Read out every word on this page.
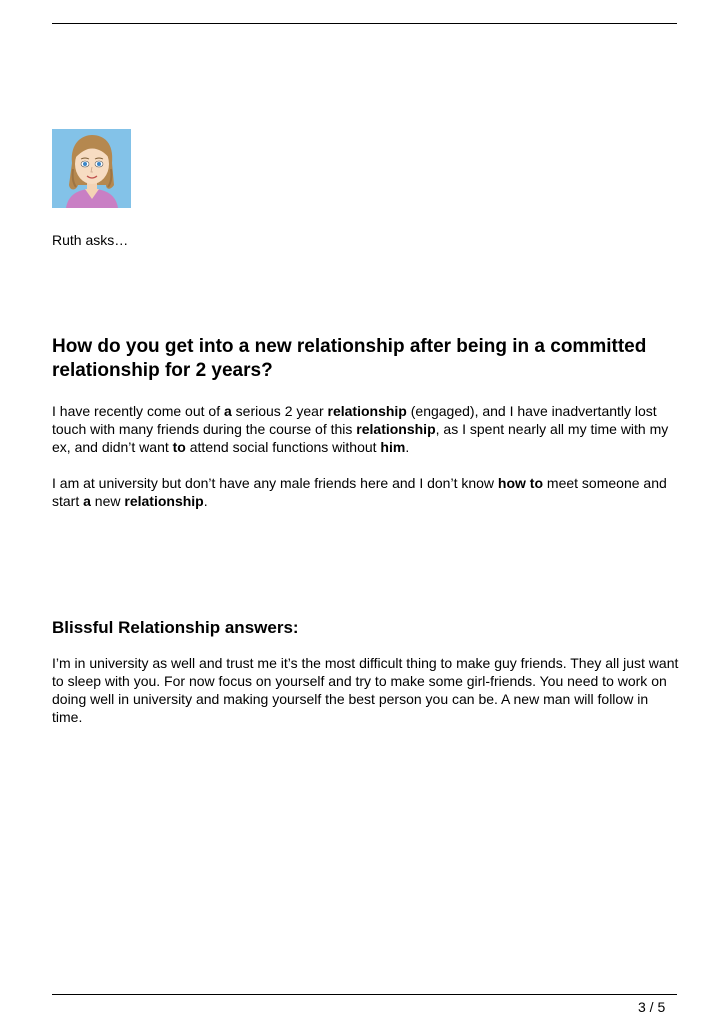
Ruth asks…
How do you get into a new relationship after being in a committed relationship for 2 years?

I have recently come out of a serious 2 year relationship (engaged), and I have inadvertantly lost touch with many friends during the course of this relationship, as I spent nearly all my time with my ex, and didn’t want to attend social functions without him.

I am at university but don’t have any male friends here and I don’t know how to meet someone and start a new relationship.

Blissful Relationship answers:

I’m in university as well and trust me it’s the most difficult thing to make guy friends. They all just want to sleep with you. For now focus on yourself and try to make some girl-friends. You need to work on doing well in university and making yourself the best person you can be. A new man will follow in time.

3 / 5
